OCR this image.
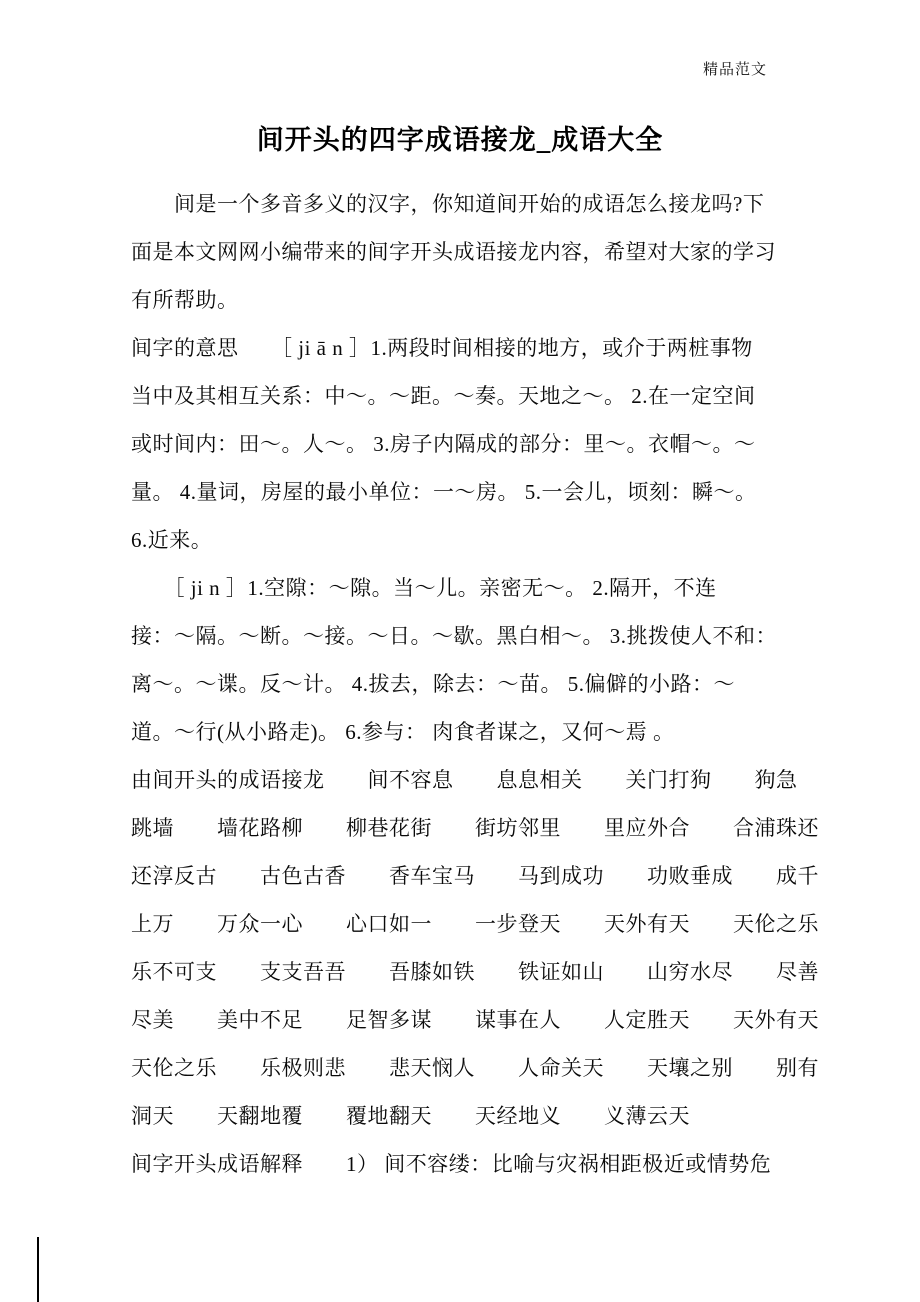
精品范文
间开头的四字成语接龙_成语大全
　　间是一个多音多义的汉字，你知道间开始的成语怎么接龙吗?下
面是本文网网小编带来的间字开头成语接龙内容，希望对大家的学习
有所帮助。
间字的意思　　［ ji ā n ］1.两段时间相接的地方，或介于两桩事物
当中及其相互关系：中～。～距。～奏。天地之～。 2.在一定空间
或时间内：田～。人～。 3.房子内隔成的部分：里～。衣帽～。～
量。 4.量词，房屋的最小单位：一～房。 5.一会儿，顷刻：瞬～。
6.近来。
　　［ ji n ］1.空隙：～隙。当～儿。亲密无～。 2.隔开，不连
接：～隔。～断。～接。～日。～歇。黑白相～。 3.挑拨使人不和：
离～。～谍。反～计。 4.拔去，除去：～苗。 5.偏僻的小路：～
道。～行(从小路走)。 6.参与： 肉食者谋之，又何～焉 。
由间开头的成语接龙　　间不容息　　息息相关　　关门打狗　　狗急
跳墙　　墙花路柳　　柳巷花街　　街坊邻里　　里应外合　　合浦珠还
还淳反古　　古色古香　　香车宝马　　马到成功　　功败垂成　　成千
上万　　万众一心　　心口如一　　一步登天　　天外有天　　天伦之乐
乐不可支　　支支吾吾　　吾膝如铁　　铁证如山　　山穷水尽　　尽善
尽美　　美中不足　　足智多谋　　谋事在人　　人定胜天　　天外有天
天伦之乐　　乐极则悲　　悲天悯人　　人命关天　　天壤之别　　别有
洞天　　天翻地覆　　覆地翻天　　天经地义　　义薄云天
间字开头成语解释　　1） 间不容缕：比喻与灾祸相距极近或情势危
